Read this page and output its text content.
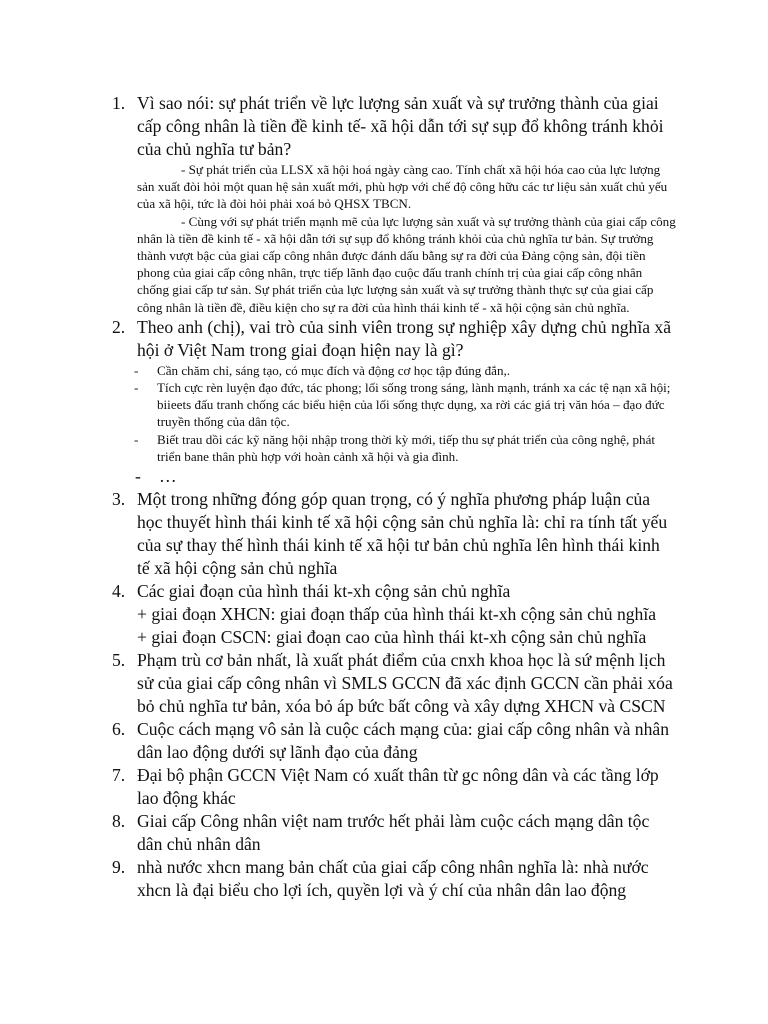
1. Vì sao nói: sự phát triển về lực lượng sản xuất và sự trưởng thành của giai cấp công nhân là tiền đề kinh tế- xã hội dẫn tới sự sụp đổ không tránh khỏi của chủ nghĩa tư bản?

- Sự phát triển của LLSX xã hội hoá ngày càng cao. Tính chất xã hội hóa cao của lực lượng sản xuất đòi hỏi một quan hệ sản xuất mới, phù hợp với chế độ công hữu các tư liệu sản xuất chủ yếu của xã hội, tức là đòi hỏi phải xoá bỏ QHSX TBCN.

- Cùng với sự phát triển mạnh mẽ của lực lượng sản xuất và sự trưởng thành của giai cấp công nhân là tiền đề kinh tế - xã hội dẫn tới sự sụp đổ không tránh khỏi của chủ nghĩa tư bản. Sự trưởng thành vượt bậc của giai cấp công nhân được đánh dấu bằng sự ra đời của Đảng cộng sản, đội tiền phong của giai cấp công nhân, trực tiếp lãnh đạo cuộc đấu tranh chính trị của giai cấp công nhân chống giai cấp tư sản. Sự phát triển của lực lượng sản xuất và sự trưởng thành thực sự của giai cấp công nhân là tiền đề, điều kiện cho sự ra đời của hình thái kinh tế - xã hội cộng sản chủ nghĩa.

2. Theo anh (chị), vai trò của sinh viên trong sự nghiệp xây dựng chủ nghĩa xã hội ở Việt Nam trong giai đoạn hiện nay là gì?
- Cần chăm chỉ, sáng tạo, có mục đích và động cơ học tập đúng đắn,.
- Tích cực rèn luyện đạo đức, tác phong; lối sống trong sáng, lành mạnh, tránh xa các tệ nạn xã hội; biieets đấu tranh chống các biểu hiện của lối sống thực dụng, xa rời các giá trị văn hóa – đạo đức truyền thống của dân tộc.
- Biết trau dồi các kỹ năng hội nhập trong thời kỳ mới, tiếp thu sự phát triển của công nghệ, phát triển bane thân phù hợp với hoàn cảnh xã hội và gia đình.
- …
3. Một trong những đóng góp quan trọng, có ý nghĩa phương pháp luận của học thuyết hình thái kinh tế xã hội cộng sản chủ nghĩa là: chỉ ra tính tất yếu của sự thay thế hình thái kinh tế xã hội tư bản chủ nghĩa lên hình thái kinh tế xã hội cộng sản chủ nghĩa
4. Các giai đoạn của hình thái kt-xh cộng sản chủ nghĩa
+ giai đoạn XHCN: giai đoạn thấp của hình thái kt-xh cộng sản chủ nghĩa
+ giai đoạn CSCN: giai đoạn cao của hình thái kt-xh cộng sản chủ nghĩa
5. Phạm trù cơ bản nhất, là xuất phát điểm của cnxh khoa học là sứ mệnh lịch sử của giai cấp công nhân vì SMLS GCCN đã xác định GCCN cần phải xóa bỏ chủ nghĩa tư bản, xóa bỏ áp bức bất công và xây dựng XHCN và CSCN
6. Cuộc cách mạng vô sản là cuộc cách mạng của: giai cấp công nhân và nhân dân lao động dưới sự lãnh đạo của đảng
7. Đại bộ phận GCCN Việt Nam có xuất thân từ gc nông dân và các tầng lớp lao động khác
8. Giai cấp Công nhân việt nam trước hết phải làm cuộc cách mạng dân tộc dân chủ nhân dân
9. nhà nước xhcn mang bản chất của giai cấp công nhân nghĩa là: nhà nước xhcn là đại biểu cho lợi ích, quyền lợi và ý chí của nhân dân lao động
